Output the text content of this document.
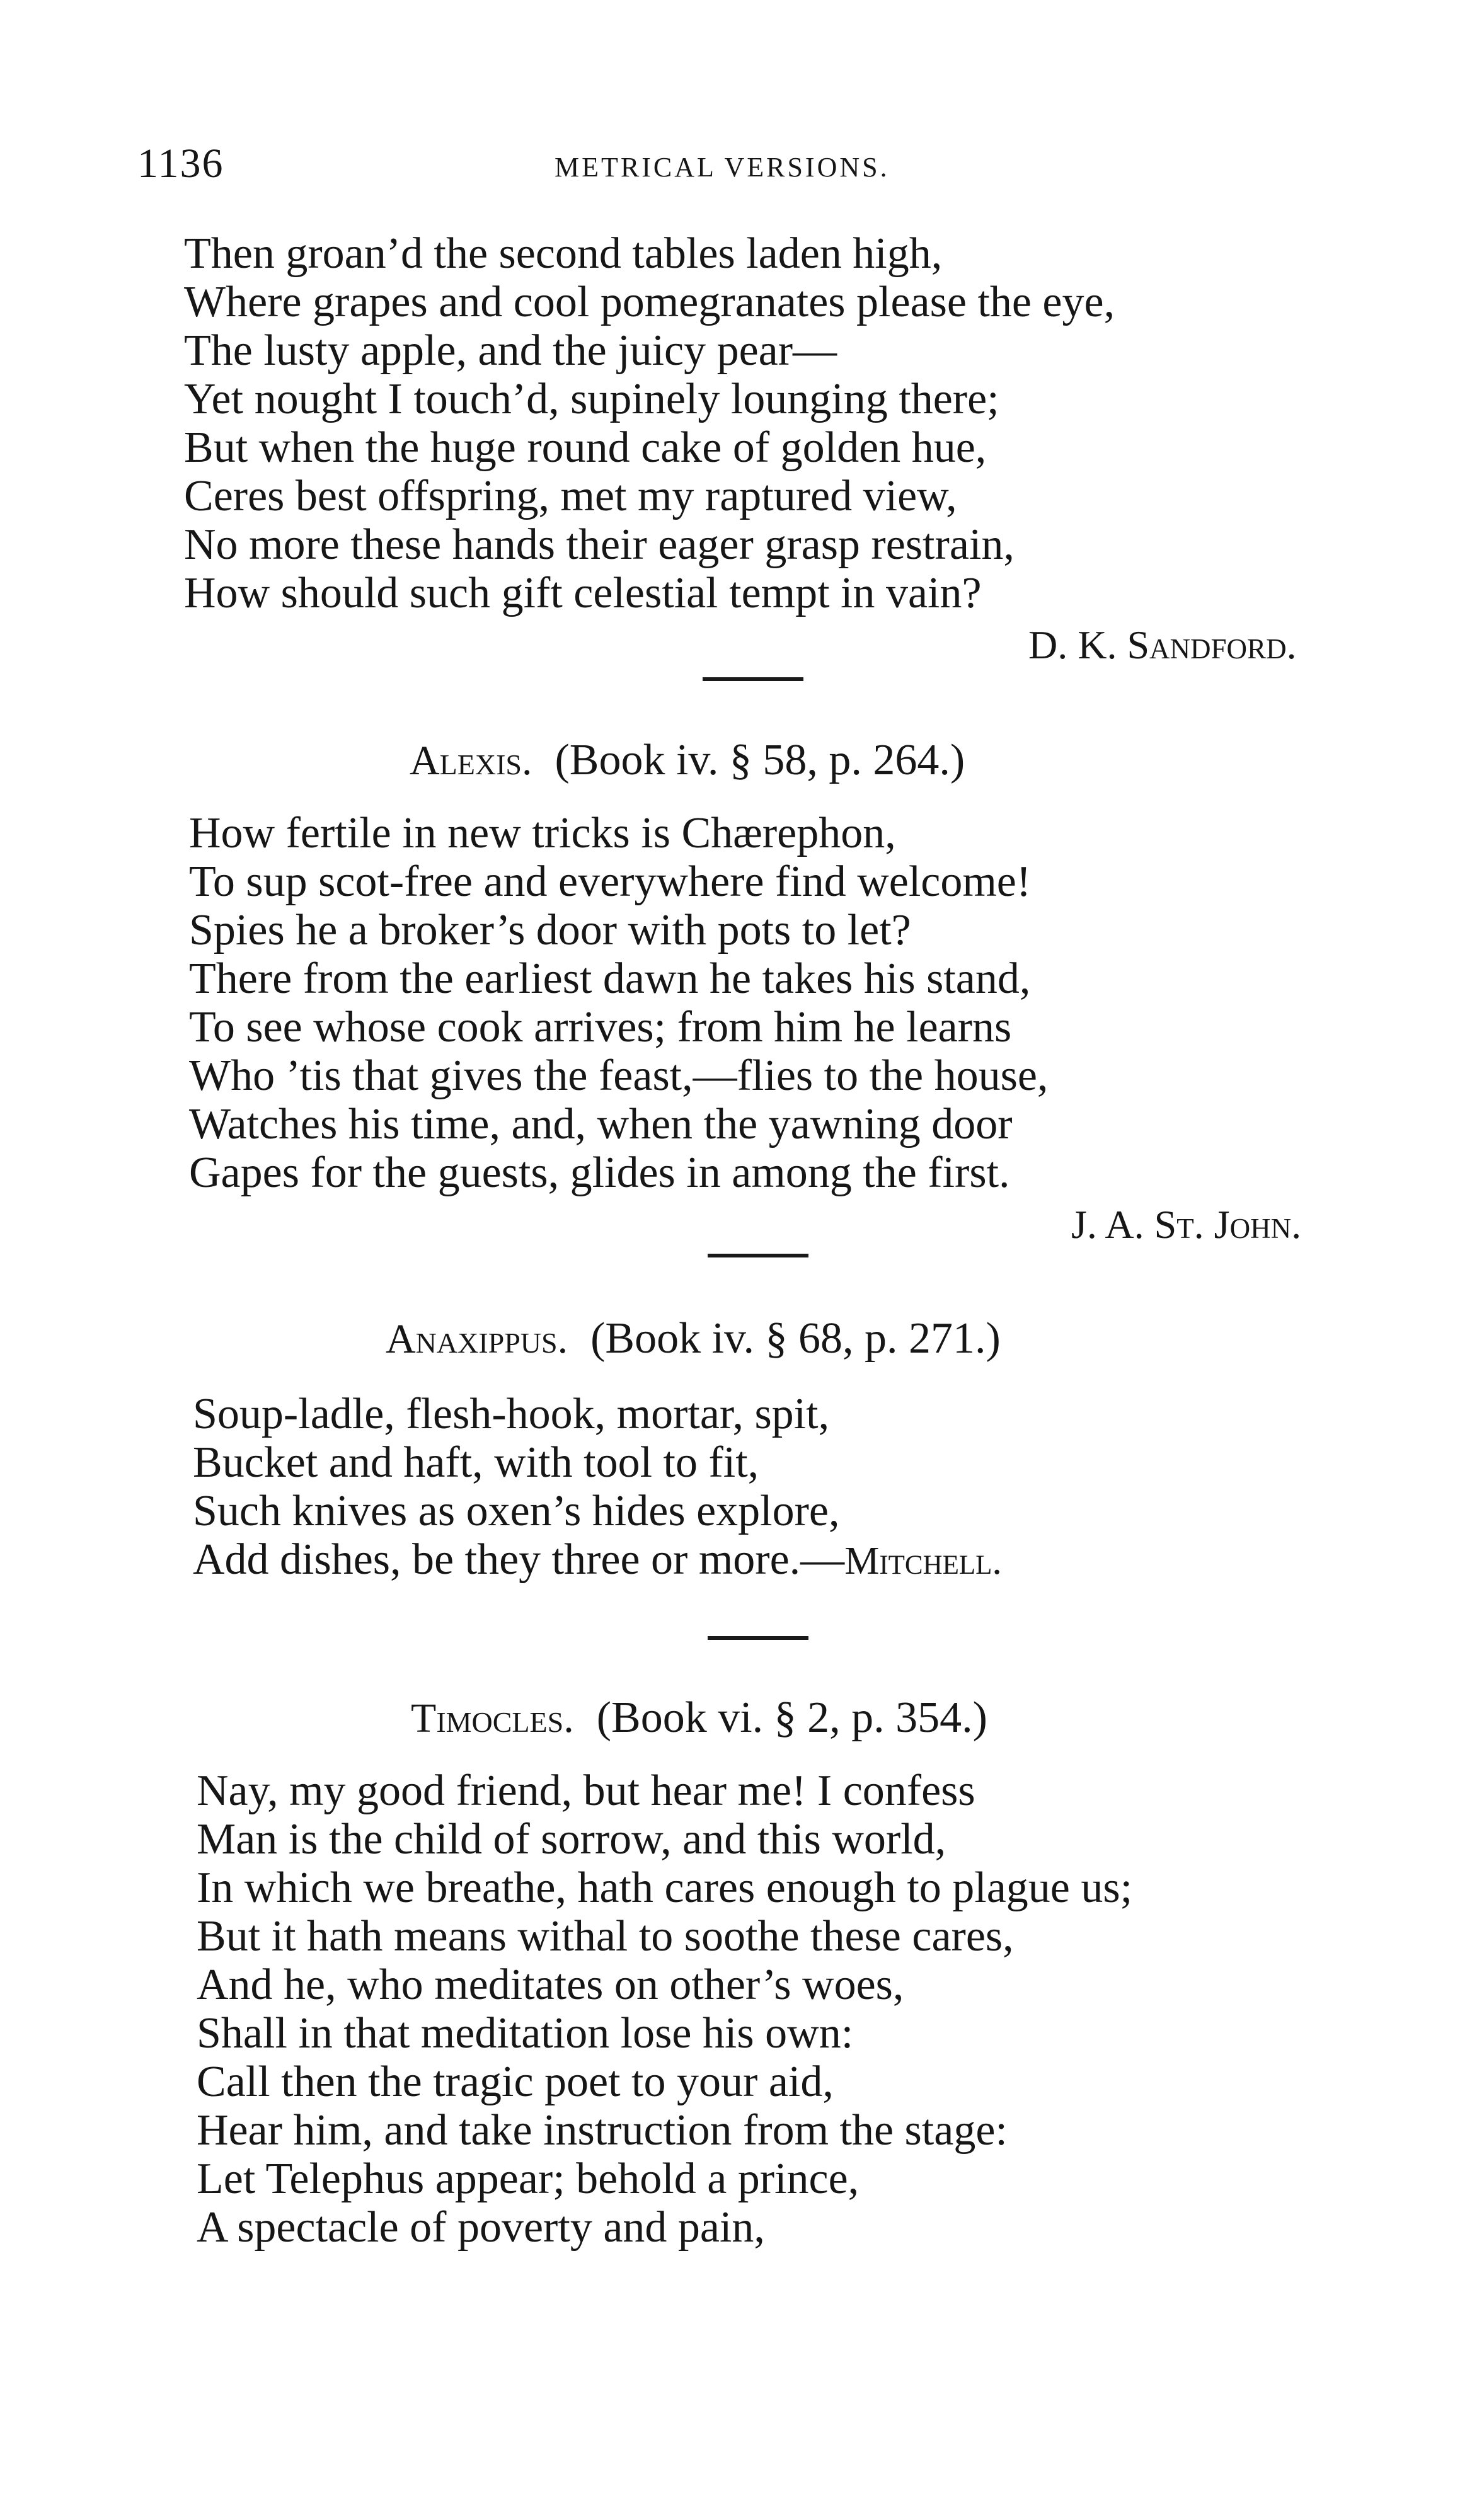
1136	METRICAL VERSIONS.
Then groan’d the second tables laden high,
Where grapes and cool pomegranates please the eye,
The lusty apple, and the juicy pear—
Yet nought I touch’d, supinely lounging there;
But when the huge round cake of golden hue,
Ceres best offspring, met my raptured view,
No more these hands their eager grasp restrain,
How should such gift celestial tempt in vain?
D. K. Sandford.
Alexis. (Book iv. § 58, p. 264.)
How fertile in new tricks is Chærephon,
To sup scot-free and everywhere find welcome!
Spies he a broker’s door with pots to let?
There from the earliest dawn he takes his stand,
To see whose cook arrives; from him he learns
Who ’tis that gives the feast,—flies to the house,
Watches his time, and, when the yawning door
Gapes for the guests, glides in among the first.
J. A. St. John.
Anaxippus. (Book iv. § 68, p. 271.)
Soup-ladle, flesh-hook, mortar, spit,
Bucket and haft, with tool to fit,
Such knives as oxen’s hides explore,
Add dishes, be they three or more.—Mitchell.
Timocles. (Book vi. § 2, p. 354.)
Nay, my good friend, but hear me! I confess
Man is the child of sorrow, and this world,
In which we breathe, hath cares enough to plague us;
But it hath means withal to soothe these cares,
And he, who meditates on other’s woes,
Shall in that meditation lose his own:
Call then the tragic poet to your aid,
Hear him, and take instruction from the stage:
Let Telephus appear; behold a prince,
A spectacle of poverty and pain,
